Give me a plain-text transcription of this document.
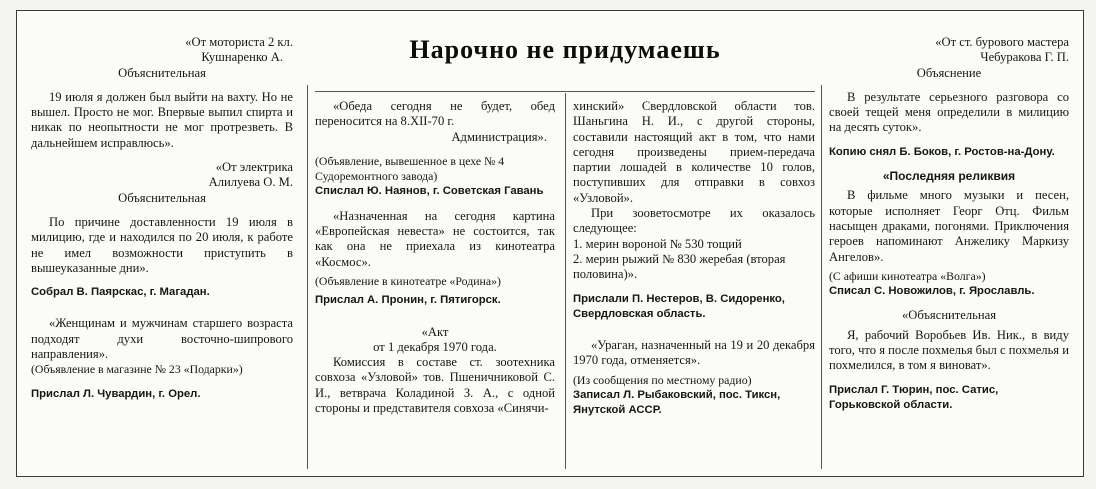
Нарочно не придумаешь

«От моториста 2 кл.

Кушнаренко А.

Объяснительная

19 июля я должен был выйти на вахту. Но не вышел. Просто не мог. Впервые выпил спирта и никак по неопытности не мог протрезветь. В дальнейшем исправлюсь».

«От электрика

Алилуева О. М.

Объяснительная

По причине доставленности 19 июля в милицию, где и находился по 20 июля, к работе не имел возможности приступить в вышеуказанные дни».

Собрал В. Паярскас, г. Магадан.

«Женщинам и мужчинам старшего возраста подходят духи восточно-шипрового направления».

(Объявление в магазине № 23 «Подарки»)

Прислал Л. Чувардин, г. Орел.

«Обеда сегодня не будет, обед переносится на 8.XII-70 г.

Администрация».

(Объявление, вывешенное в цехе № 4 Судоремонтного завода)

Спислал Ю. Наянов, г. Советская Гавань

«Назначенная на сегодня картина «Европейская невеста» не состоится, так как она не приехала из кинотеатра «Космос».

(Объявление в кинотеатре «Родина»)

Прислал А. Пронин, г. Пятигорск.

«Акт

от 1 декабря 1970 года.

Комиссия в составе ст. зоотехника совхоза «Узловой» тов. Пшеничниковой С. И., ветврача Коладиной З. А., с одной стороны и представителя совхоза «Синячи-

хинский» Свердловской области тов. Шаньгина Н. И., с другой стороны, составили настоящий акт в том, что нами сегодня произведены прием-передача партии лошадей в количестве 10 голов, поступивших для отправки в совхоз «Узловой».

При зооветосмотре их оказалось следующее:

1. мерин вороной № 530 тощий

2. мерин рыжий № 830 жеребая (вторая половина)».

Прислали П. Нестеров, В. Сидоренко, Свердловская область.

«Ураган, назначенный на 19 и 20 декабря 1970 года, отменяется».

(Из сообщения по местному радио)

Записал Л. Рыбаковский, пос. Тиксн, Янутской АССР.

«От ст. бурового мастера

Чебуракова Г. П.

Объяснение

В результате серьезного разговора со своей тещей меня определили в милицию на десять суток».

Копию снял Б. Боков, г. Ростов-на-Дону.

«Последняя реликвия

В фильме много музыки и песен, которые исполняет Георг Отц. Фильм насыщен драками, погонями. Приключения героев напоминают Анжелику Маркизу Ангелов».

(С афиши кинотеатра «Волга»)

Списал С. Новожилов, г. Ярославль.

«Объяснительная

Я, рабочий Воробьев Ив. Ник., в виду того, что я после похмелья был с похмелья и похмелился, в том я виноват».

Прислал Г. Тюрин, пос. Сатис, Горьковской области.
